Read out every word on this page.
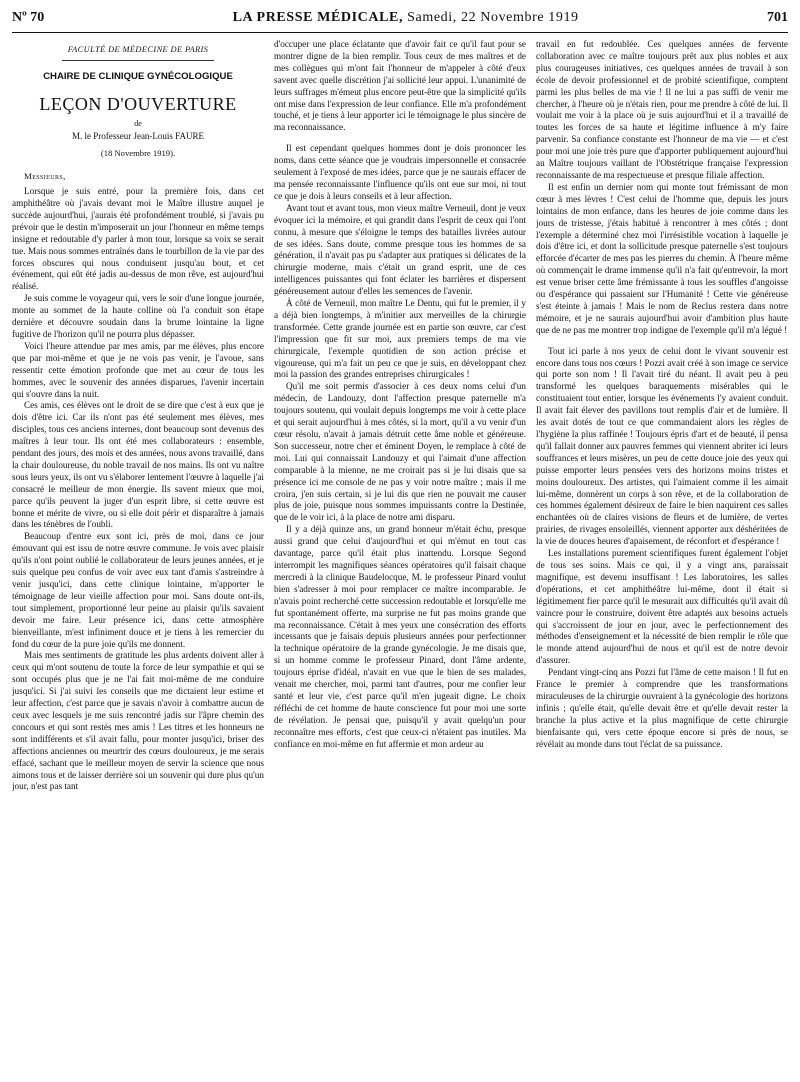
Nº 70	LA PRESSE MÉDICALE, Samedi, 22 Novembre 1919	701
FACULTÉ DE MÉDECINE DE PARIS
CHAIRE DE CLINIQUE GYNÉCOLOGIQUE
LEÇON D'OUVERTURE
de
M. le Professeur Jean-Louis FAURE
(18 Novembre 1919).
Messieurs,

Lorsque je suis entré, pour la première fois, dans cet amphithéâtre où j'avais devant moi le Maître illustre auquel je succède aujourd'hui, j'aurais été profondément troublé, si j'avais pu prévoir que le destin m'imposerait un jour l'honneur en même temps insigne et redoutable d'y parler à mon tour, lorsque sa voix se serait tue. Mais nous sommes entraînés dans le tourbillon de la vie par des forces obscures qui nous conduisent jusqu'au bout, et cet événement, qui eût été jadis au-dessus de mon rêve, est aujourd'hui réalisé.

Je suis comme le voyageur qui, vers le soir d'une longue journée, monte au sommet de la haute colline où l'a conduit son étape dernière et découvre soudain dans la brume lointaine la ligne fugitive de l'horizon qu'il ne pourra plus dépasser.

Voici l'heure attendue par mes amis, par me élèves, plus encore que par moi-même et que je ne vois pas venir, je l'avoue, sans ressentir cette émotion profonde que met au cœur de tous les hommes, avec le souvenir des années disparues, l'avenir incertain qui s'ouvre dans la nuit.

Ces amis, ces élèves ont le droit de se dire que c'est à eux que je dois d'être ici. Car ils n'ont pas été seulement mes élèves, mes disciples, tous ces anciens internes, dont beaucoup sont devenus des maîtres à leur tour. Ils ont été mes collaborateurs : ensemble, pendant des jours, des mois et des années, nous avons travaillé, dans la chair douloureuse, du noble travail de nos mains. Ils ont vu naître sous leurs yeux, ils ont vu s'élaborer lentement l'œuvre à laquelle j'ai consacré le meilleur de mon énergie. Ils savent mieux que moi, parce qu'ils peuvent la juger d'un esprit libre, si cette œuvre est bonne et mérite de vivre, ou si elle doit périr et disparaître à jamais dans les ténèbres de l'oubli.

Beaucoup d'entre eux sont ici, près de moi, dans ce jour émouvant qui est issu de notre œuvre commune. Je vois avec plaisir qu'ils n'ont point oublié le collaborateur de leurs jeunes années, et je suis quelque peu confus de voir avec eux tant d'amis s'astreindre à venir jusqu'ici, dans cette clinique lointaine, m'apporter le témoignage de leur vieille affection pour moi. Sans doute ont-ils, tout simplement, proportionné leur peine au plaisir qu'ils savaient devoir me faire. Leur présence ici, dans cette atmosphère bienveillante, m'est infiniment douce et je tiens à les remercier du fond du cœur de la pure joie qu'ils me donnent.

Mais mes sentiments de gratitude les plus ardents doivent aller à ceux qui m'ont soutenu de toute la force de leur sympathie et qui se sont occupés plus que je ne l'ai fait moi-même de me conduire jusqu'ici. Si j'ai suivi les conseils que me dictaient leur estime et leur affection, c'est parce que je savais n'avoir à combattre aucun de ceux avec lesquels je me suis rencontré jadis sur l'âpre chemin des concours et qui sont restés mes amis ! Les titres et les honneurs ne sont indifférents et s'il avait fallu, pour monter jusqu'ici, briser des affections anciennes ou meurtrir des cœurs douloureux, je me serais effacé, sachant que le meilleur moyen de servir la science que nous aimons tous et de laisser derrière soi un souvenir qui dure plus qu'un jour, n'est pas tant

d'occuper une place éclatante que d'avoir fait ce qu'il faut pour se montrer digne de la bien remplir. Tous ceux de mes maîtres et de mes collègues qui m'ont fait l'honneur de m'appeler à côté d'eux savent avec quelle discrétion j'ai sollicité leur appui. L'unanimité de leurs suffrages m'émeut plus encore peut-être que la simplicité qu'ils ont mise dans l'expression de leur confiance. Elle m'a profondément touché, et je tiens à leur apporter ici le témoignage le plus sincère de ma reconnaissance.

Il est cependant quelques hommes dont je dois prononcer les noms, dans cette séance que je voudrais impersonnelle et consacrée seulement à l'exposé de mes idées, parce que je ne saurais effacer de ma pensée reconnaissante l'influence qu'ils ont eue sur moi, ni tout ce que je dois à leurs conseils et à leur affection.

Avant tout et avant tous, mon vieux maître Verneuil, dont je veux évoquer ici la mémoire, et qui grandit dans l'esprit de ceux qui l'ont connu, à mesure que s'éloigne le temps des batailles livrées autour de ses idées. Sans doute, comme presque tous les hommes de sa génération, il n'avait pas pu s'adapter aux pratiques si délicates de la chirurgie moderne, mais c'était un grand esprit, une de ces intelligences puissantes qui font éclater les barrières et dispersent généreusement autour d'elles les semences de l'avenir.

À côté de Verneuil, mon maître Le Dentu, qui fut le premier, il y a déjà bien longtemps, à m'initier aux merveilles de la chirurgie transformée. Cette grande journée est en partie son œuvre, car c'est l'impression que fit sur moi, aux premiers temps de ma vie chirurgicale, l'exemple quotidien de son action précise et vigoureuse, qui m'a fait un peu ce que je suis, en développant chez moi la passion des grandes entreprises chirurgicales !

Qu'il me soit permis d'associer à ces deux noms celui d'un médecin, de Landouzy, dont l'affection presque paternelle m'a toujours soutenu, qui voulait depuis longtemps me voir à cette place et qui serait aujourd'hui à mes côtés, si la mort, qu'il a vu venir d'un cœur résolu, n'avait à jamais détruit cette âme noble et généreuse. Son successeur, notre cher et éminent Doyen, le remplace à côté de moi. Lui qui connaissait Landouzy et qui l'aimait d'une affection comparable à la mienne, ne me croirait pas si je lui disais que sa présence ici me console de ne pas y voir notre maître ; mais il me croira, j'en suis certain, si je lui dis que rien ne pouvait me causer plus de joie, puisque nous sommes impuissants contre la Destinée, que de le voir ici, à la place de notre ami disparu.

Il y a déjà quinze ans, un grand honneur m'était échu, presque aussi grand que celui d'aujourd'hui et qui m'émut en tout cas davantage, parce qu'il était plus inattendu. Lorsque Segond interrompit les magnifiques séances opératoires qu'il faisait chaque mercredi à la clinique Baudelocque, M. le professeur Pinard voulut bien s'adresser à moi pour remplacer ce maître incomparable. Je n'avais point recherché cette succession redoutable et lorsqu'elle me fut spontanément offerte, ma surprise ne fut pas moins grande que ma reconnaissance. C'était à mes yeux une consécration des efforts incessants que je faisais depuis plusieurs années pour perfectionner la technique opératoire de la grande gynécologie. Je me disais que, si un homme comme le professeur Pinard, dont l'âme ardente, toujours éprise d'idéal, n'avait en vue que le bien de ses malades, venait me chercher, moi, parmi tant d'autres, pour me confier leur santé et leur vie, c'est parce qu'il m'en jugeait digne. Le choix réfléchi de cet homme de haute conscience fut pour moi une sorte de révélation. Je pensai que, puisqu'il y avait quelqu'un pour reconnaître mes efforts, c'est que ceux-ci n'étaient pas inutiles. Ma confiance en moi-même en fut affermie et mon ardeur au

travail en fut redoublée. Ces quelques années de fervente collaboration avec ce maître toujours prêt aux plus nobles et aux plus courageuses initiatives, ces quelques années de travail à son école de devoir professionnel et de probité scientifique, comptent parmi les plus belles de ma vie ! Il ne lui a pas suffi de venir me chercher, à l'heure où je n'étais rien, pour me prendre à côté de lui. Il voulait me voir à la place où je suis aujourd'hui et il a travaillé de toutes les forces de sa haute et légitime influence à m'y faire parvenir. Sa confiance constante est l'honneur de ma vie — et c'est pour moi une joie très pure que d'apporter publiquement aujourd'hui au Maître toujours vaillant de l'Obstétrique française l'expression reconnaissante de ma respectueuse et presque filiale affection.

Il est enfin un dernier nom qui monte tout frémissant de mon cœur à mes lèvres ! C'est celui de l'homme que, depuis les jours lointains de mon enfance, dans les heures de joie comme dans les jours de tristesse, j'étais habitué à rencontrer à mes côtés ; dont l'exemple a déterminé chez moi l'irrésistible vocation à laquelle je dois d'être ici, et dont la sollicitude presque paternelle s'est toujours efforcée d'écarter de mes pas les pierres du chemin. À l'heure même où commençait le drame immense qu'il n'a fait qu'entrevoir, la mort est venue briser cette âme frémissante à tous les souffles d'angoisse ou d'espérance qui passaient sur l'Humanité ! Cette vie généreuse s'est éteinte à jamais ! Mais le nom de Reclus restera dans notre mémoire, et je ne saurais aujourd'hui avoir d'ambition plus haute que de ne pas me montrer trop indigne de l'exemple qu'il m'a légué !

Tout ici parle à nos yeux de celui dont le vivant souvenir est encore dans tous nos cœurs ! Pozzi avait créé à son image ce service qui porte son nom ! Il l'avait tiré du néant. Il avait peu à peu transformé les quelques baraquements misérables qui le constituaient tout entier, lorsque les événements l'y avaient conduit. Il avait fait élever des pavillons tout remplis d'air et de lumière. Il les avait dotés de tout ce que commandaient alors les règles de l'hygiène la plus raffinée ! Toujours épris d'art et de beauté, il pensa qu'il fallait donner aux pauvres femmes qui viennent abriter ici leurs souffrances et leurs misères, un peu de cette douce joie des yeux qui puisse emporter leurs pensées vers des horizons moins tristes et moins douloureux. Des artistes, qui l'aimaient comme il les aimait lui-même, donnèrent un corps à son rêve, et de la collaboration de ces hommes également désireux de faire le bien naquirent ces salles enchantées où de claires visions de fleurs et de lumière, de vertes prairies, de rivages ensoleillés, viennent apporter aux déshéritées de la vie de douces heures d'apaisement, de réconfort et d'espérance !

Les installations purement scientifiques furent également l'objet de tous ses soins. Mais ce qui, il y a vingt ans, paraissait magnifique, est devenu insuffisant ! Les laboratoires, les salles d'opérations, et cet amphithéâtre lui-même, dont il était si légitimement fier parce qu'il le mesurait aux difficultés qu'il avait dû vaincre pour le construire, doivent être adaptés aux besoins actuels qui s'accroissent de jour en jour, avec le perfectionnement des méthodes d'enseignement et la nécessité de bien remplir le rôle que le monde attend aujourd'hui de nous et qu'il est de notre devoir d'assurer.

Pendant vingt-cinq ans Pozzi fut l'âme de cette maison ! Il fut en France le premier à comprendre que les transformations miraculeuses de la chirurgie ouvraient à la gynécologie des horizons infinis ; qu'elle était, qu'elle devait être et qu'elle devait rester la branche la plus active et la plus magnifique de cette chirurgie bienfaisante qui, vers cette époque encore si près de nous, se révélait au monde dans tout l'éclat de sa puissance.
